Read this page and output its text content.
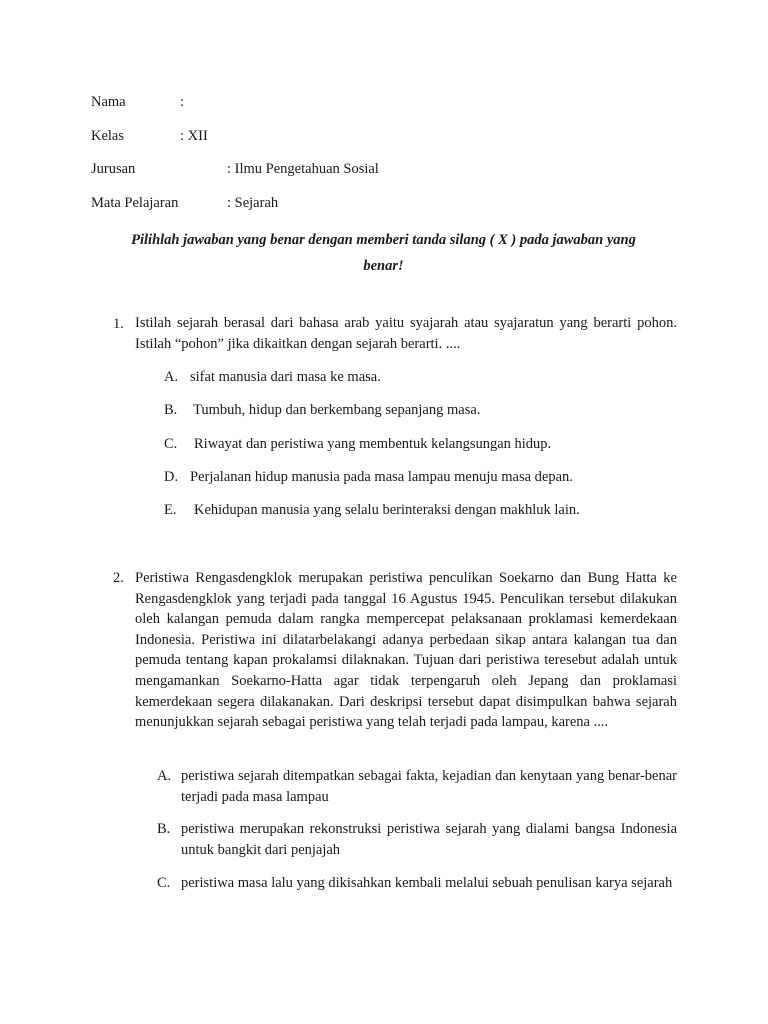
Nama	:
Kelas	: XII
Jurusan	: Ilmu Pengetahuan Sosial
Mata Pelajaran	: Sejarah
Pilihlah jawaban yang benar dengan memberi tanda silang ( X ) pada jawaban yang
benar!
1. Istilah sejarah berasal dari bahasa arab yaitu syajarah atau syajaratun yang berarti pohon.
Istilah “pohon” jika dikaitkan dengan sejarah berarti. ....
A. sifat manusia dari masa ke masa.
B. Tumbuh, hidup dan berkembang sepanjang masa.
C. Riwayat dan peristiwa yang membentuk kelangsungan hidup.
D. Perjalanan hidup manusia pada masa lampau menuju masa depan.
E. Kehidupan manusia yang selalu berinteraksi dengan makhluk lain.
2. Peristiwa Rengasdengklok merupakan peristiwa penculikan Soekarno dan Bung Hatta ke Rengasdengklok yang terjadi pada tanggal 16 Agustus 1945. Penculikan tersebut dilakukan oleh kalangan pemuda dalam rangka mempercepat pelaksanaan proklamasi kemerdekaan Indonesia. Peristiwa ini dilatarbelakangi adanya perbedaan sikap antara kalangan tua dan pemuda tentang kapan prokalamsi dilaknakan. Tujuan dari peristiwa teresebut adalah untuk mengamankan Soekarno-Hatta agar tidak terpengaruh oleh Jepang dan proklamasi kemerdekaan segera dilakanakan. Dari deskripsi tersebut dapat disimpulkan bahwa sejarah menunjukkan sejarah sebagai peristiwa yang telah terjadi pada lampau, karena ....
A. peristiwa sejarah ditempatkan sebagai fakta, kejadian dan kenytaan yang benar-benar terjadi pada masa lampau
B. peristiwa merupakan rekonstruksi peristiwa sejarah yang dialami bangsa Indonesia untuk bangkit dari penjajah
C. peristiwa masa lalu yang dikisahkan kembali melalui sebuah penulisan karya sejarah
